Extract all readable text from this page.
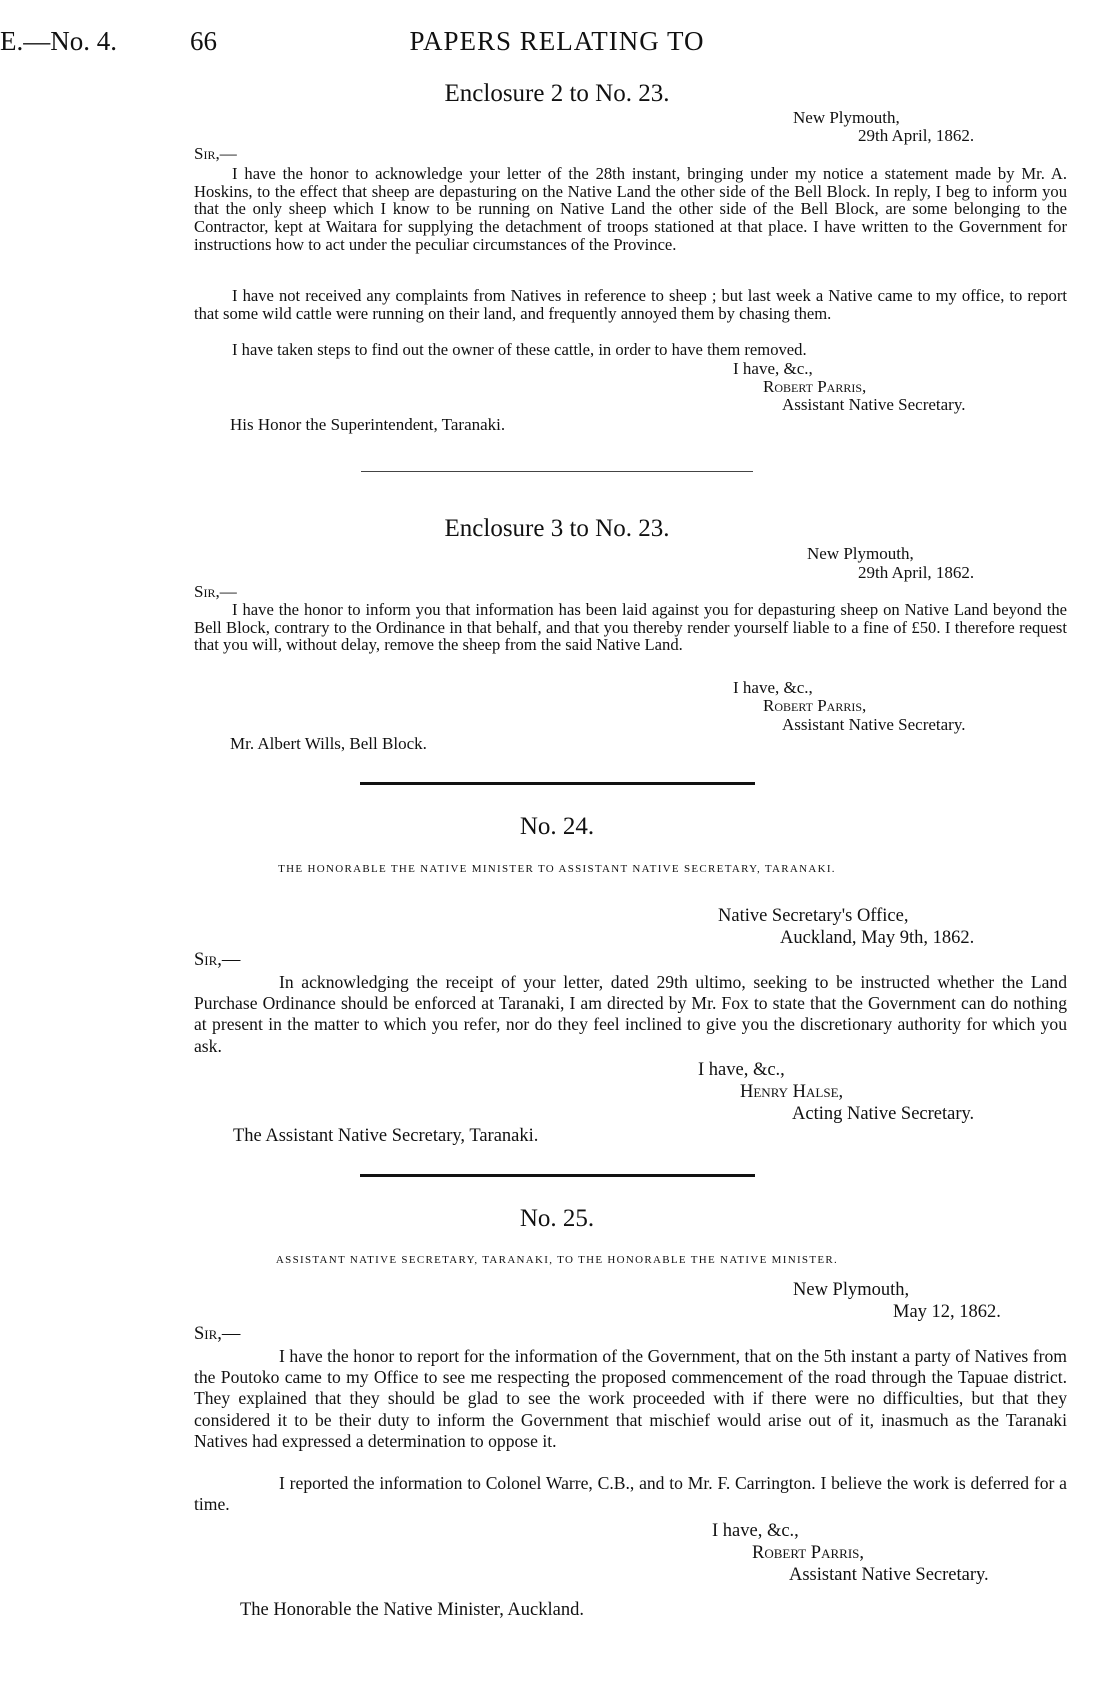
E.—No. 4.	66	PAPERS RELATING TO
Enclosure 2 to No. 23.
New Plymouth,
29th April, 1862.
Sir,—

I have the honor to acknowledge your letter of the 28th instant, bringing under my notice a statement made by Mr. A. Hoskins, to the effect that sheep are depasturing on the Native Land the other side of the Bell Block. In reply, I beg to inform you that the only sheep which I know to be running on Native Land the other side of the Bell Block, are some belonging to the Contractor, kept at Waitara for supplying the detachment of troops stationed at that place. I have written to the Government for instructions how to act under the peculiar circumstances of the Province.

I have not received any complaints from Natives in reference to sheep ; but last week a Native came to my office, to report that some wild cattle were running on their land, and frequently annoyed them by chasing them.

I have taken steps to find out the owner of these cattle, in order to have them removed.

I have, &c.,
Robert Parris,
Assistant Native Secretary.
His Honor the Superintendent, Taranaki.
Enclosure 3 to No. 23.
New Plymouth,
29th April, 1862.
Sir,—

I have the honor to inform you that information has been laid against you for depasturing sheep on Native Land beyond the Bell Block, contrary to the Ordinance in that behalf, and that you thereby render yourself liable to a fine of £50. I therefore request that you will, without delay, remove the sheep from the said Native Land.

I have, &c.,
Robert Parris,
Assistant Native Secretary.
Mr. Albert Wills, Bell Block.
No. 24.
THE HONORABLE THE NATIVE MINISTER TO ASSISTANT NATIVE SECRETARY, TARANAKI.
Native Secretary's Office,
Auckland, May 9th, 1862.
Sir,—

In acknowledging the receipt of your letter, dated 29th ultimo, seeking to be instructed whether the Land Purchase Ordinance should be enforced at Taranaki, I am directed by Mr. Fox to state that the Government can do nothing at present in the matter to which you refer, nor do they feel inclined to give you the discretionary authority for which you ask.

I have, &c.,
Henry Halse,
Acting Native Secretary.
The Assistant Native Secretary, Taranaki.
No. 25.
ASSISTANT NATIVE SECRETARY, TARANAKI, TO THE HONORABLE THE NATIVE MINISTER.
New Plymouth,
May 12, 1862.
Sir,—

I have the honor to report for the information of the Government, that on the 5th instant a party of Natives from the Poutoko came to my Office to see me respecting the proposed commencement of the road through the Tapuae district. They explained that they should be glad to see the work proceeded with if there were no difficulties, but that they considered it to be their duty to inform the Government that mischief would arise out of it, inasmuch as the Taranaki Natives had expressed a determination to oppose it.

I reported the information to Colonel Warre, C.B., and to Mr. F. Carrington. I believe the work is deferred for a time.

I have, &c.,
Robert Parris,
Assistant Native Secretary.
The Honorable the Native Minister, Auckland.
